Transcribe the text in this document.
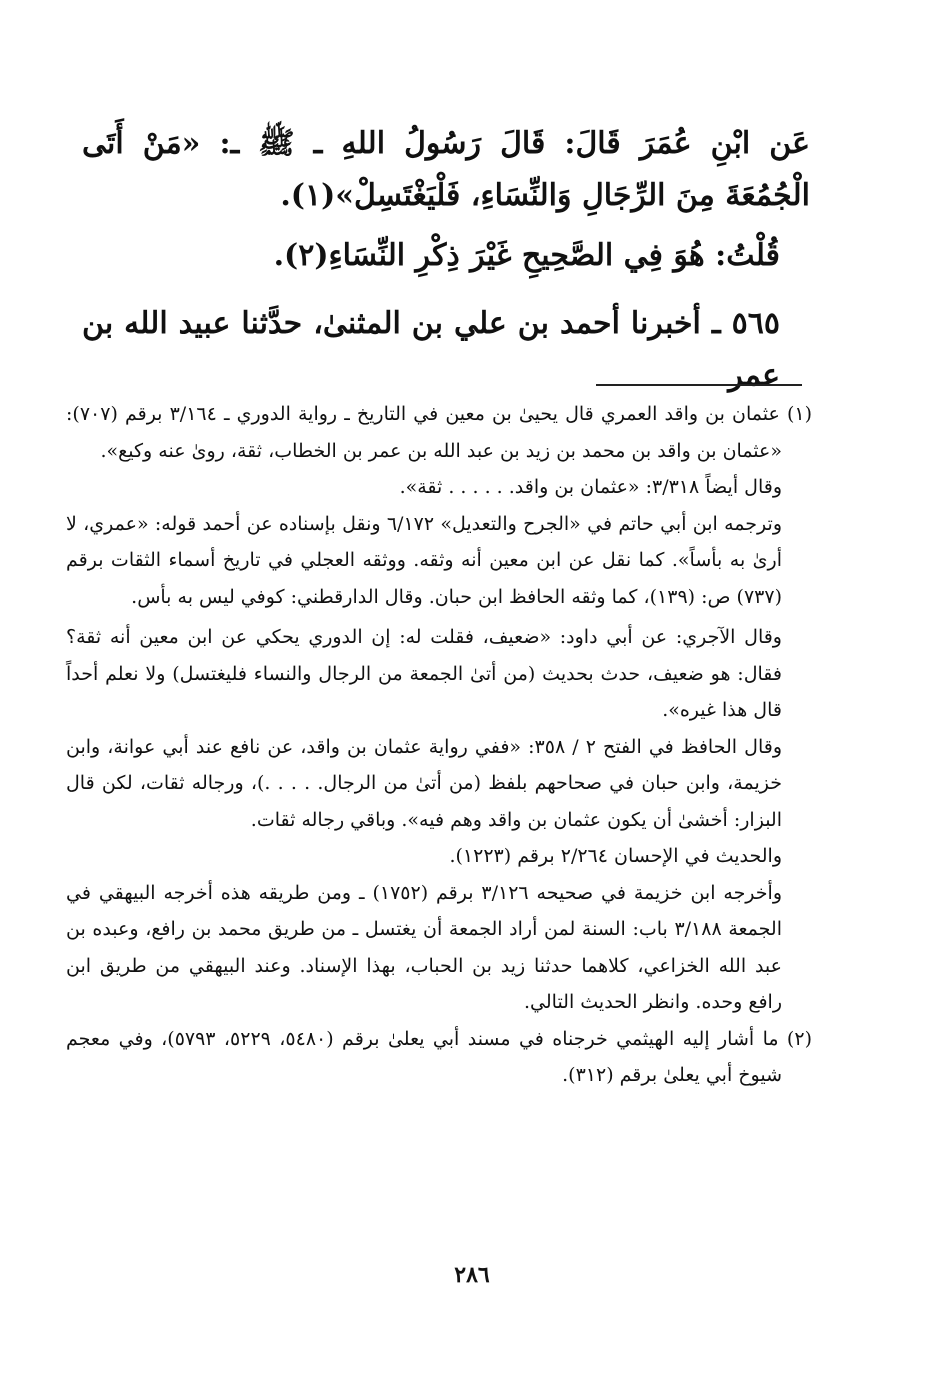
عَن ابْنِ عُمَرَ قَالَ: قَالَ رَسُولُ اللهِ ـ ﷺ ـ: «مَنْ أَتَى الْجُمُعَةَ مِنَ الرِّجَالِ وَالنِّسَاءِ، فَلْيَغْتَسِلْ»(١).

قُلْتُ: هُوَ فِي الصَّحِيحِ غَيْرَ ذِكْرِ النِّسَاءِ(٢).

٥٦٥ ـ أخبرنا أحمد بن علي بن المثنىٰ، حدَّثنا عبيد الله بن عمر

(١) عثمان بن واقد العمري قال يحيىٰ بن معين في التاريخ ـ رواية الدوري ـ ٣/١٦٤ برقم (٧٠٧): «عثمان بن واقد بن محمد بن زيد بن عبد الله بن عمر بن الخطاب، ثقة، رویٰ عنه وكيع».

وقال أيضاً ٣/٣١٨: «عثمان بن واقد. . . . . . ثقة».

وترجمه ابن أبي حاتم في «الجرح والتعديل» ٦/١٧٢ ونقل بإسناده عن أحمد قوله: «عمري، لا أرىٰ به بأساً». كما نقل عن ابن معين أنه وثقه. ووثقه العجلي في تاريخ أسماء الثقات برقم (٧٣٧) ص: (١٣٩)، كما وثقه الحافظ ابن حبان. وقال الدارقطني: كوفي ليس به بأس.

وقال الآجري: عن أبي داود: «ضعيف، فقلت له: إن الدوري يحكي عن ابن معين أنه ثقة؟ فقال: هو ضعيف، حدث بحديث (من أتىٰ الجمعة من الرجال والنساء فليغتسل) ولا نعلم أحداً قال هذا غيره».

وقال الحافظ في الفتح ٢ / ٣٥٨: «ففي رواية عثمان بن واقد، عن نافع عند أبي عوانة، وابن خزيمة، وابن حبان في صحاحهم بلفظ (من أتىٰ من الرجال. . . . .)، ورجاله ثقات، لكن قال البزار: أخشىٰ أن يكون عثمان بن واقد وهم فيه». وباقي رجاله ثقات.

والحديث في الإحسان ٢/٢٦٤ برقم (١٢٢٣).

وأخرجه ابن خزيمة في صحيحه ٣/١٢٦ برقم (١٧٥٢) ـ ومن طريقه هذه أخرجه البيهقي في الجمعة ٣/١٨٨ باب: السنة لمن أراد الجمعة أن يغتسل ـ من طريق محمد بن رافع، وعبده بن عبد الله الخزاعي، كلاهما حدثنا زيد بن الحباب، بهذا الإسناد. وعند البيهقي من طريق ابن رافع وحده. وانظر الحديث التالي.

(٢) ما أشار إليه الهيثمي خرجناه في مسند أبي يعلىٰ برقم (٥٤٨٠، ٥٢٢٩، ٥٧٩٣)، وفي معجم شيوخ أبي يعلىٰ برقم (٣١٢).

٢٨٦
